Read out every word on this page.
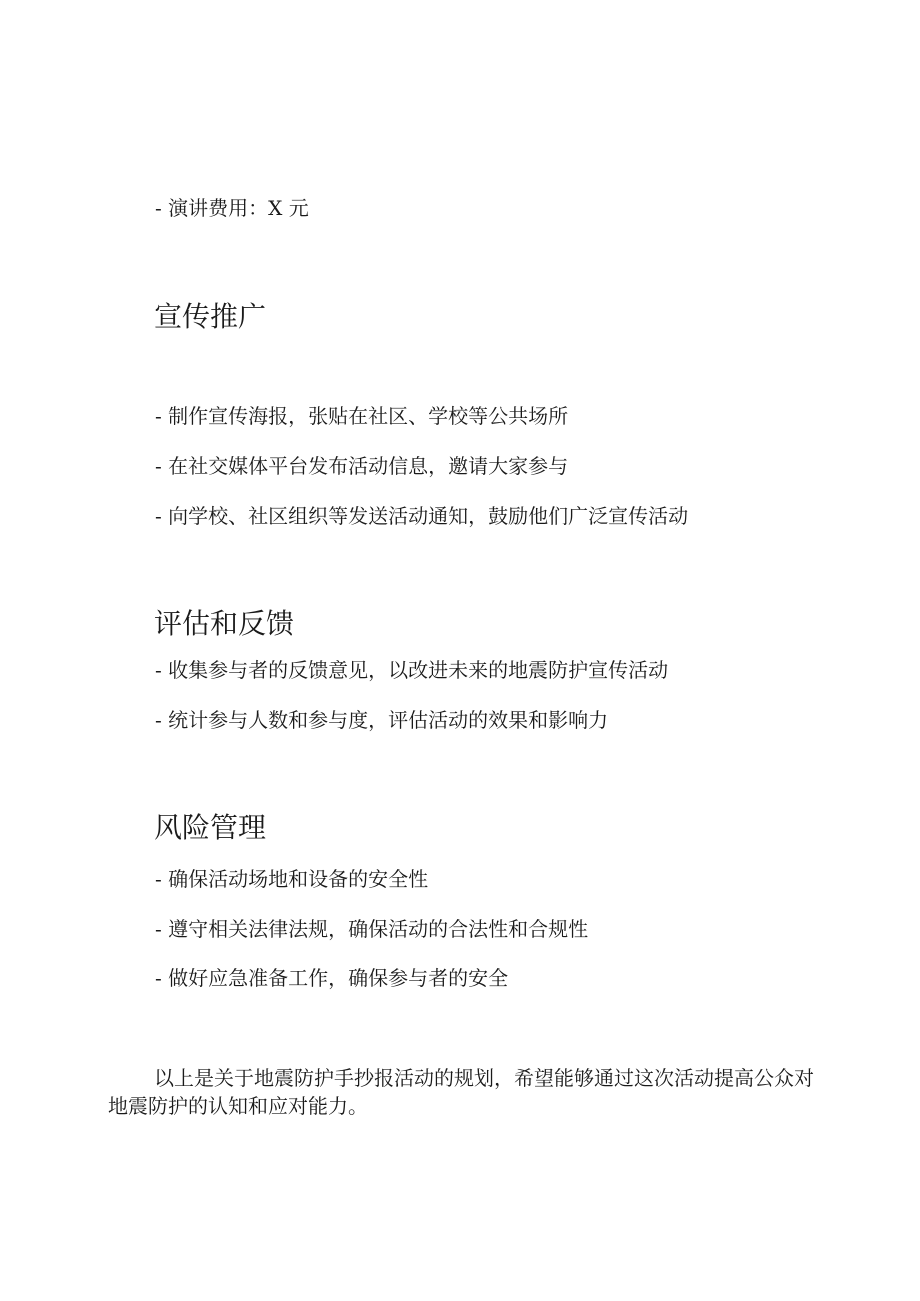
- 演讲费用：X 元
宣传推广
- 制作宣传海报，张贴在社区、学校等公共场所
- 在社交媒体平台发布活动信息，邀请大家参与
- 向学校、社区组织等发送活动通知，鼓励他们广泛宣传活动
评估和反馈
- 收集参与者的反馈意见，以改进未来的地震防护宣传活动
- 统计参与人数和参与度，评估活动的效果和影响力
风险管理
- 确保活动场地和设备的安全性
- 遵守相关法律法规，确保活动的合法性和合规性
- 做好应急准备工作，确保参与者的安全
以上是关于地震防护手抄报活动的规划，希望能够通过这次活动提高公众对地震防护的认知和应对能力。
